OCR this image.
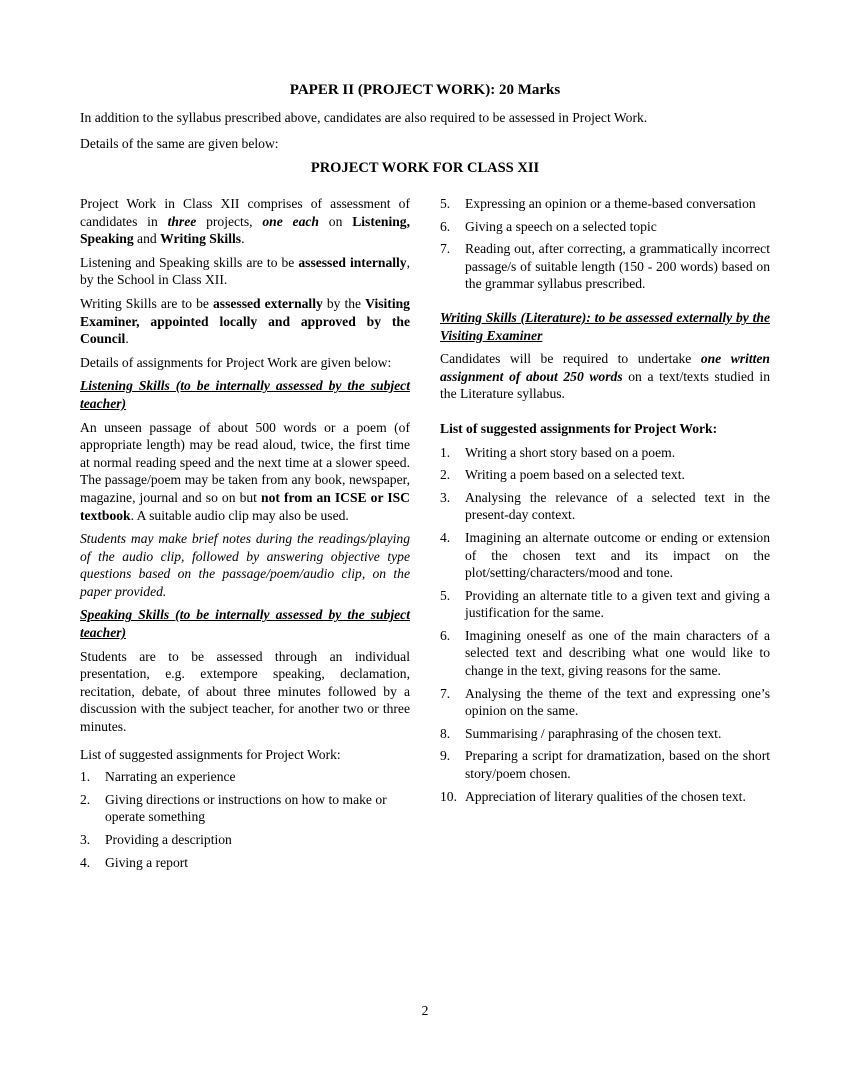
PAPER II (PROJECT WORK): 20 Marks

In addition to the syllabus prescribed above, candidates are also required to be assessed in Project Work.

Details of the same are given below:

PROJECT WORK FOR CLASS XII

Project Work in Class XII comprises of assessment of candidates in three projects, one each on Listening, Speaking and Writing Skills.

Listening and Speaking skills are to be assessed internally, by the School in Class XII.

Writing Skills are to be assessed externally by the Visiting Examiner, appointed locally and approved by the Council.

Details of assignments for Project Work are given below:

Listening Skills (to be internally assessed by the subject teacher)

An unseen passage of about 500 words or a poem (of appropriate length) may be read aloud, twice, the first time at normal reading speed and the next time at a slower speed. The passage/poem may be taken from any book, newspaper, magazine, journal and so on but not from an ICSE or ISC textbook. A suitable audio clip may also be used.

Students may make brief notes during the readings/playing of the audio clip, followed by answering objective type questions based on the passage/poem/audio clip, on the paper provided.

Speaking Skills (to be internally assessed by the subject teacher)

Students are to be assessed through an individual presentation, e.g. extempore speaking, declamation, recitation, debate, of about three minutes followed by a discussion with the subject teacher, for another two or three minutes.

List of suggested assignments for Project Work:

1. Narrating an experience
2. Giving directions or instructions on how to make or operate something
3. Providing a description
4. Giving a report
5. Expressing an opinion or a theme-based conversation
6. Giving a speech on a selected topic
7. Reading out, after correcting, a grammatically incorrect passage/s of suitable length (150 - 200 words) based on the grammar syllabus prescribed.

Writing Skills (Literature): to be assessed externally by the Visiting Examiner

Candidates will be required to undertake one written assignment of about 250 words on a text/texts studied in the Literature syllabus.

List of suggested assignments for Project Work:

1. Writing a short story based on a poem.
2. Writing a poem based on a selected text.
3. Analysing the relevance of a selected text in the present-day context.
4. Imagining an alternate outcome or ending or extension of the chosen text and its impact on the plot/setting/characters/mood and tone.
5. Providing an alternate title to a given text and giving a justification for the same.
6. Imagining oneself as one of the main characters of a selected text and describing what one would like to change in the text, giving reasons for the same.
7. Analysing the theme of the text and expressing one’s opinion on the same.
8. Summarising / paraphrasing of the chosen text.
9. Preparing a script for dramatization, based on the short story/poem chosen.
10. Appreciation of literary qualities of the chosen text.
2
